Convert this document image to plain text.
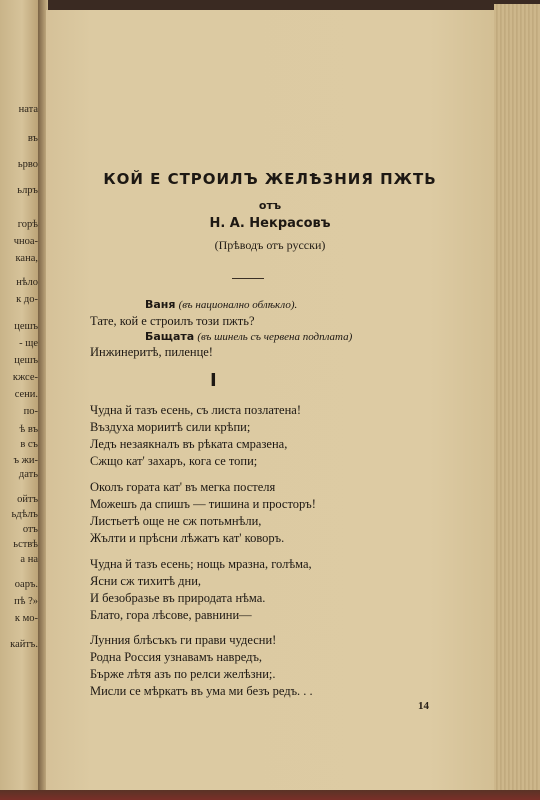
ната
въ
ьрво
ьлръ
горѣ
чноа-
кана,
нѣло
к до-
цешъ
- ще
цешъ
кжсе-
сени.
по-
ѣ въ
в съ
ъ жи-
дать
ойтъ
ьдѣлъ
отъ
ьствѣ
а на
оаръ.
пѣ ?»
к мо-
кайтъ.
КОЙ Е СТРОИЛЪ ЖЕЛѢЗНИЯ ПЖТЬ
отъ
Н. А. Некрасовъ
(Прѣводъ отъ русски)
Ваня (въ национално облѣкло).
Тате, кой е строилъ този пжть?
Бащата (въ шинель съ червена подплата)
Инжинеритѣ, пиленце!
I
Чудна й тазъ есень, съ листа позлатена!
Въздуха мориитѣ сили крѣпи;
Ледъ незаякналъ въ рѣката смразена,
Сжщо кат' захаръ, кога се топи;
Околъ гората кат' въ мегка постеля
Можешъ да спишъ — тишина и просторъ!
Листьетѣ още не сж потьмнѣли,
Жълти и прѣсни лѣжатъ кат' коворъ.
Чудна й тазъ есень; нощь мразна, голѣма,
Ясни сж тихитѣ дни,
И безобразье въ природата нѣма.
Блато, гора лѣсове, равнини—
Лунния блѣсъкъ ги прави чудесни!
Родна Россия узнавамъ навредъ,
Бърже лѣтя азъ по релси желѣзни;.
Мисли се мѣркатъ въ ума ми безъ редъ. . .
14
